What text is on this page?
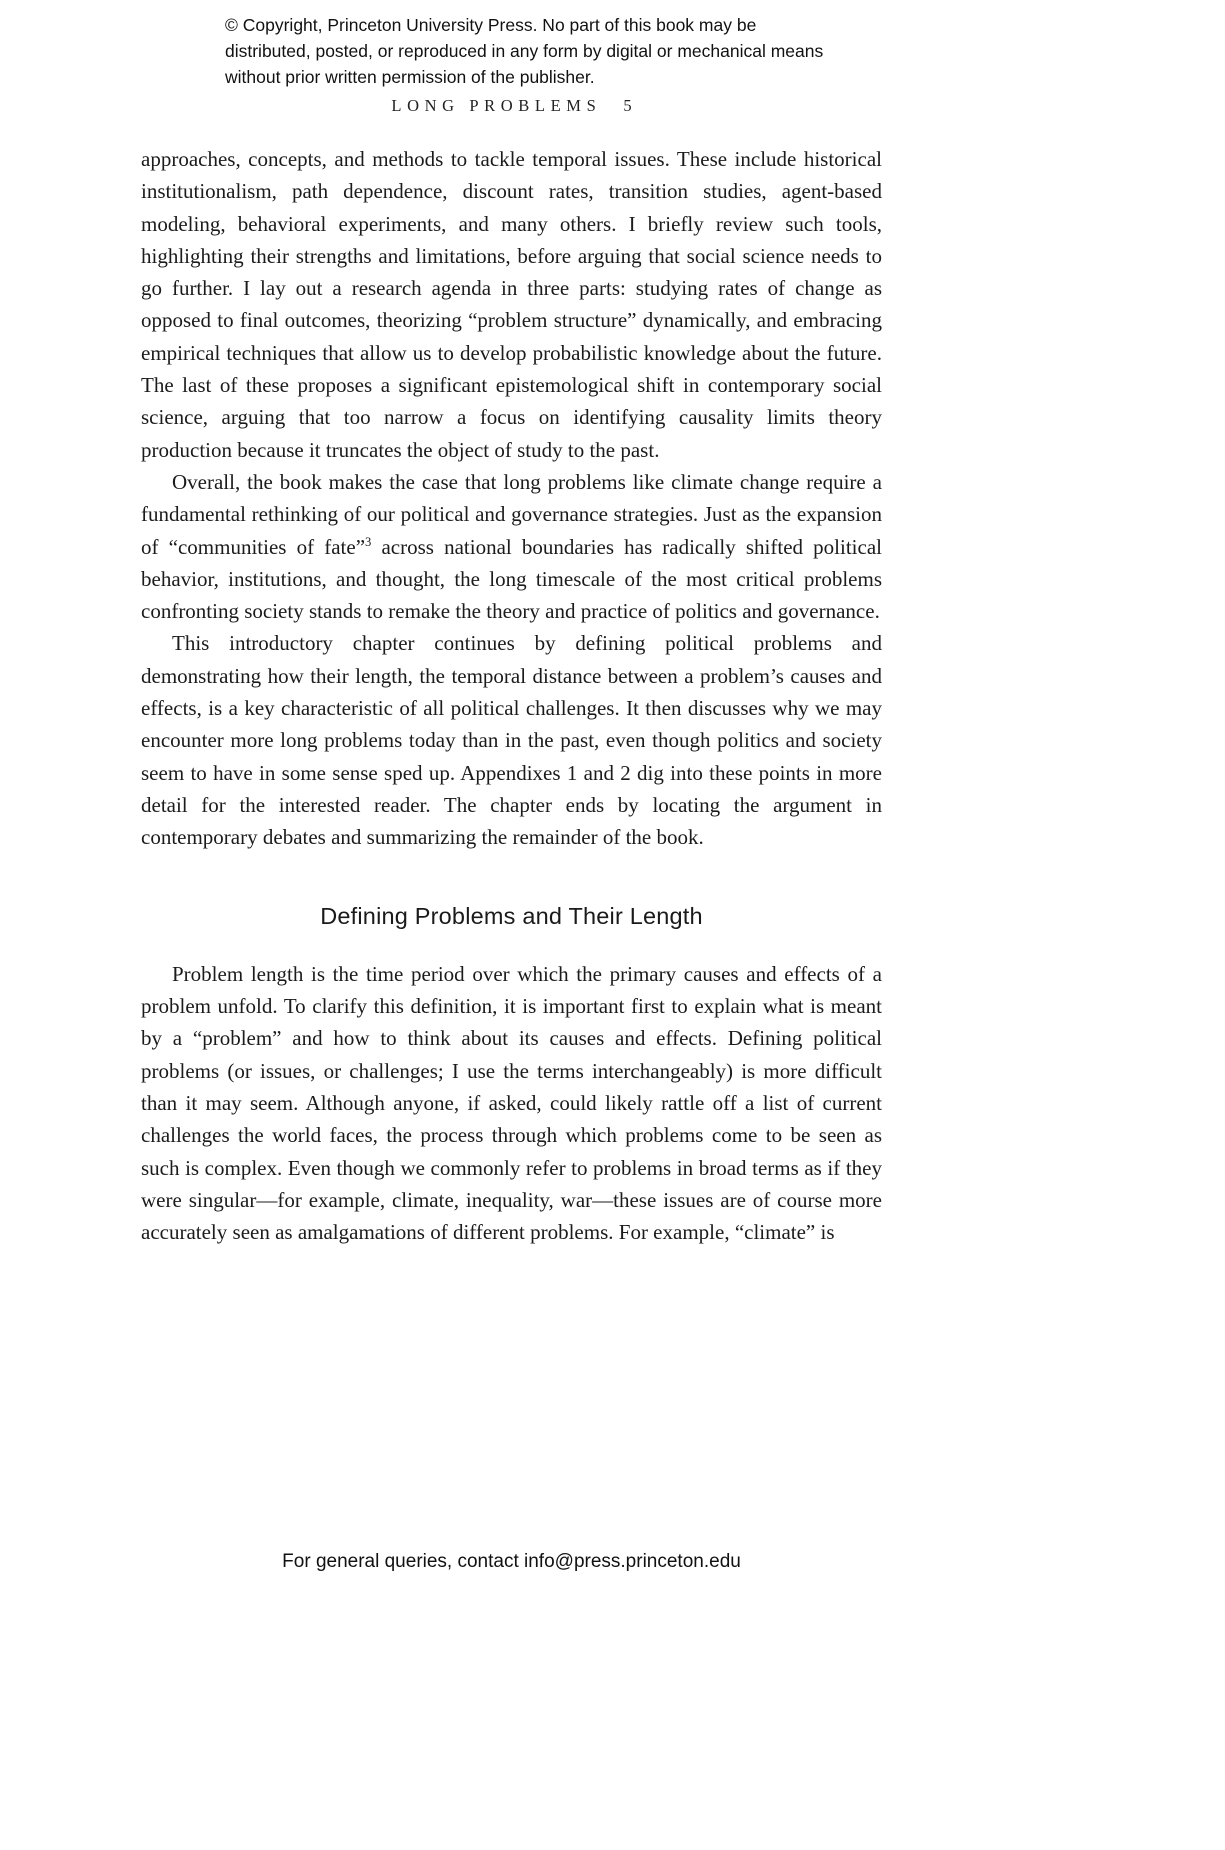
© Copyright, Princeton University Press. No part of this book may be distributed, posted, or reproduced in any form by digital or mechanical means without prior written permission of the publisher.
LONG PROBLEMS 5

approaches, concepts, and methods to tackle temporal issues. These include historical institutionalism, path dependence, discount rates, transition studies, agent-based modeling, behavioral experiments, and many others. I briefly review such tools, highlighting their strengths and limitations, before arguing that social science needs to go further. I lay out a research agenda in three parts: studying rates of change as opposed to final outcomes, theorizing “problem structure” dynamically, and embracing empirical techniques that allow us to develop probabilistic knowledge about the future. The last of these proposes a significant epistemological shift in contemporary social science, arguing that too narrow a focus on identifying causality limits theory production because it truncates the object of study to the past.

Overall, the book makes the case that long problems like climate change require a fundamental rethinking of our political and governance strategies. Just as the expansion of “communities of fate”$^3$ across national boundaries has radically shifted political behavior, institutions, and thought, the long timescale of the most critical problems confronting society stands to remake the theory and practice of politics and governance.

This introductory chapter continues by defining political problems and demonstrating how their length, the temporal distance between a problem’s causes and effects, is a key characteristic of all political challenges. It then discusses why we may encounter more long problems today than in the past, even though politics and society seem to have in some sense sped up. Appendixes 1 and 2 dig into these points in more detail for the interested reader. The chapter ends by locating the argument in contemporary debates and summarizing the remainder of the book.

Defining Problems and Their Length

Problem length is the time period over which the primary causes and effects of a problem unfold. To clarify this definition, it is important first to explain what is meant by a “problem” and how to think about its causes and effects. Defining political problems (or issues, or challenges; I use the terms interchangeably) is more difficult than it may seem. Although anyone, if asked, could likely rattle off a list of current challenges the world faces, the process through which problems come to be seen as such is complex. Even though we commonly refer to problems in broad terms as if they were singular—for example, climate, inequality, war—these issues are of course more accurately seen as amalgamations of different problems. For example, “climate” is

For general queries, contact info@press.princeton.edu
